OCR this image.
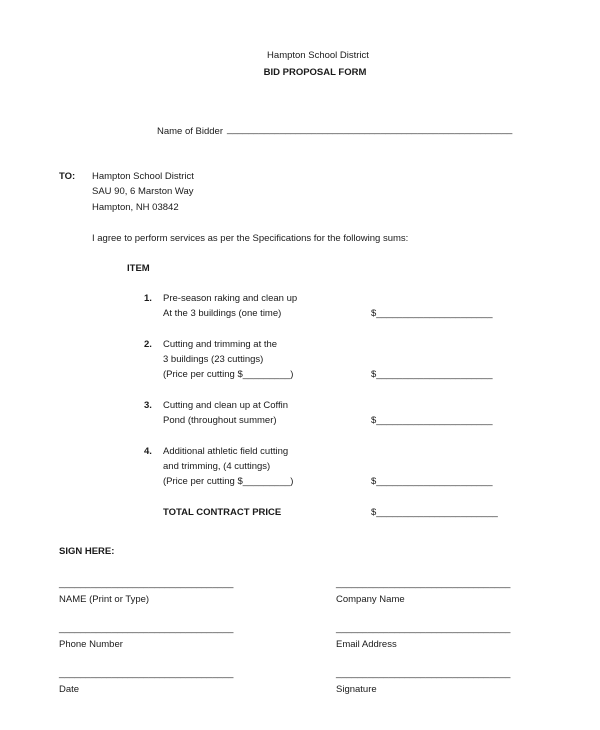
Hampton School District
BID PROPOSAL FORM
Name of Bidder ______________________________________________________
TO: Hampton School District
SAU 90, 6 Marston Way
Hampton, NH 03842
I agree to perform services as per the Specifications for the following sums:
ITEM
1. Pre-season raking and clean up
At the 3 buildings (one time)	$______________________
2. Cutting and trimming at the
3 buildings (23 cuttings)
(Price per cutting $_________)	$______________________
3. Cutting and clean up at Coffin
Pond (throughout summer)	$______________________
4. Additional athletic field cutting
and trimming, (4 cuttings)
(Price per cutting $_________)	$______________________
TOTAL CONTRACT PRICE	$_______________________
SIGN HERE:
_________________________________	_________________________________
NAME (Print or Type)	Company Name
_________________________________	_________________________________
Phone Number	Email Address
_________________________________	_________________________________
Date	Signature
